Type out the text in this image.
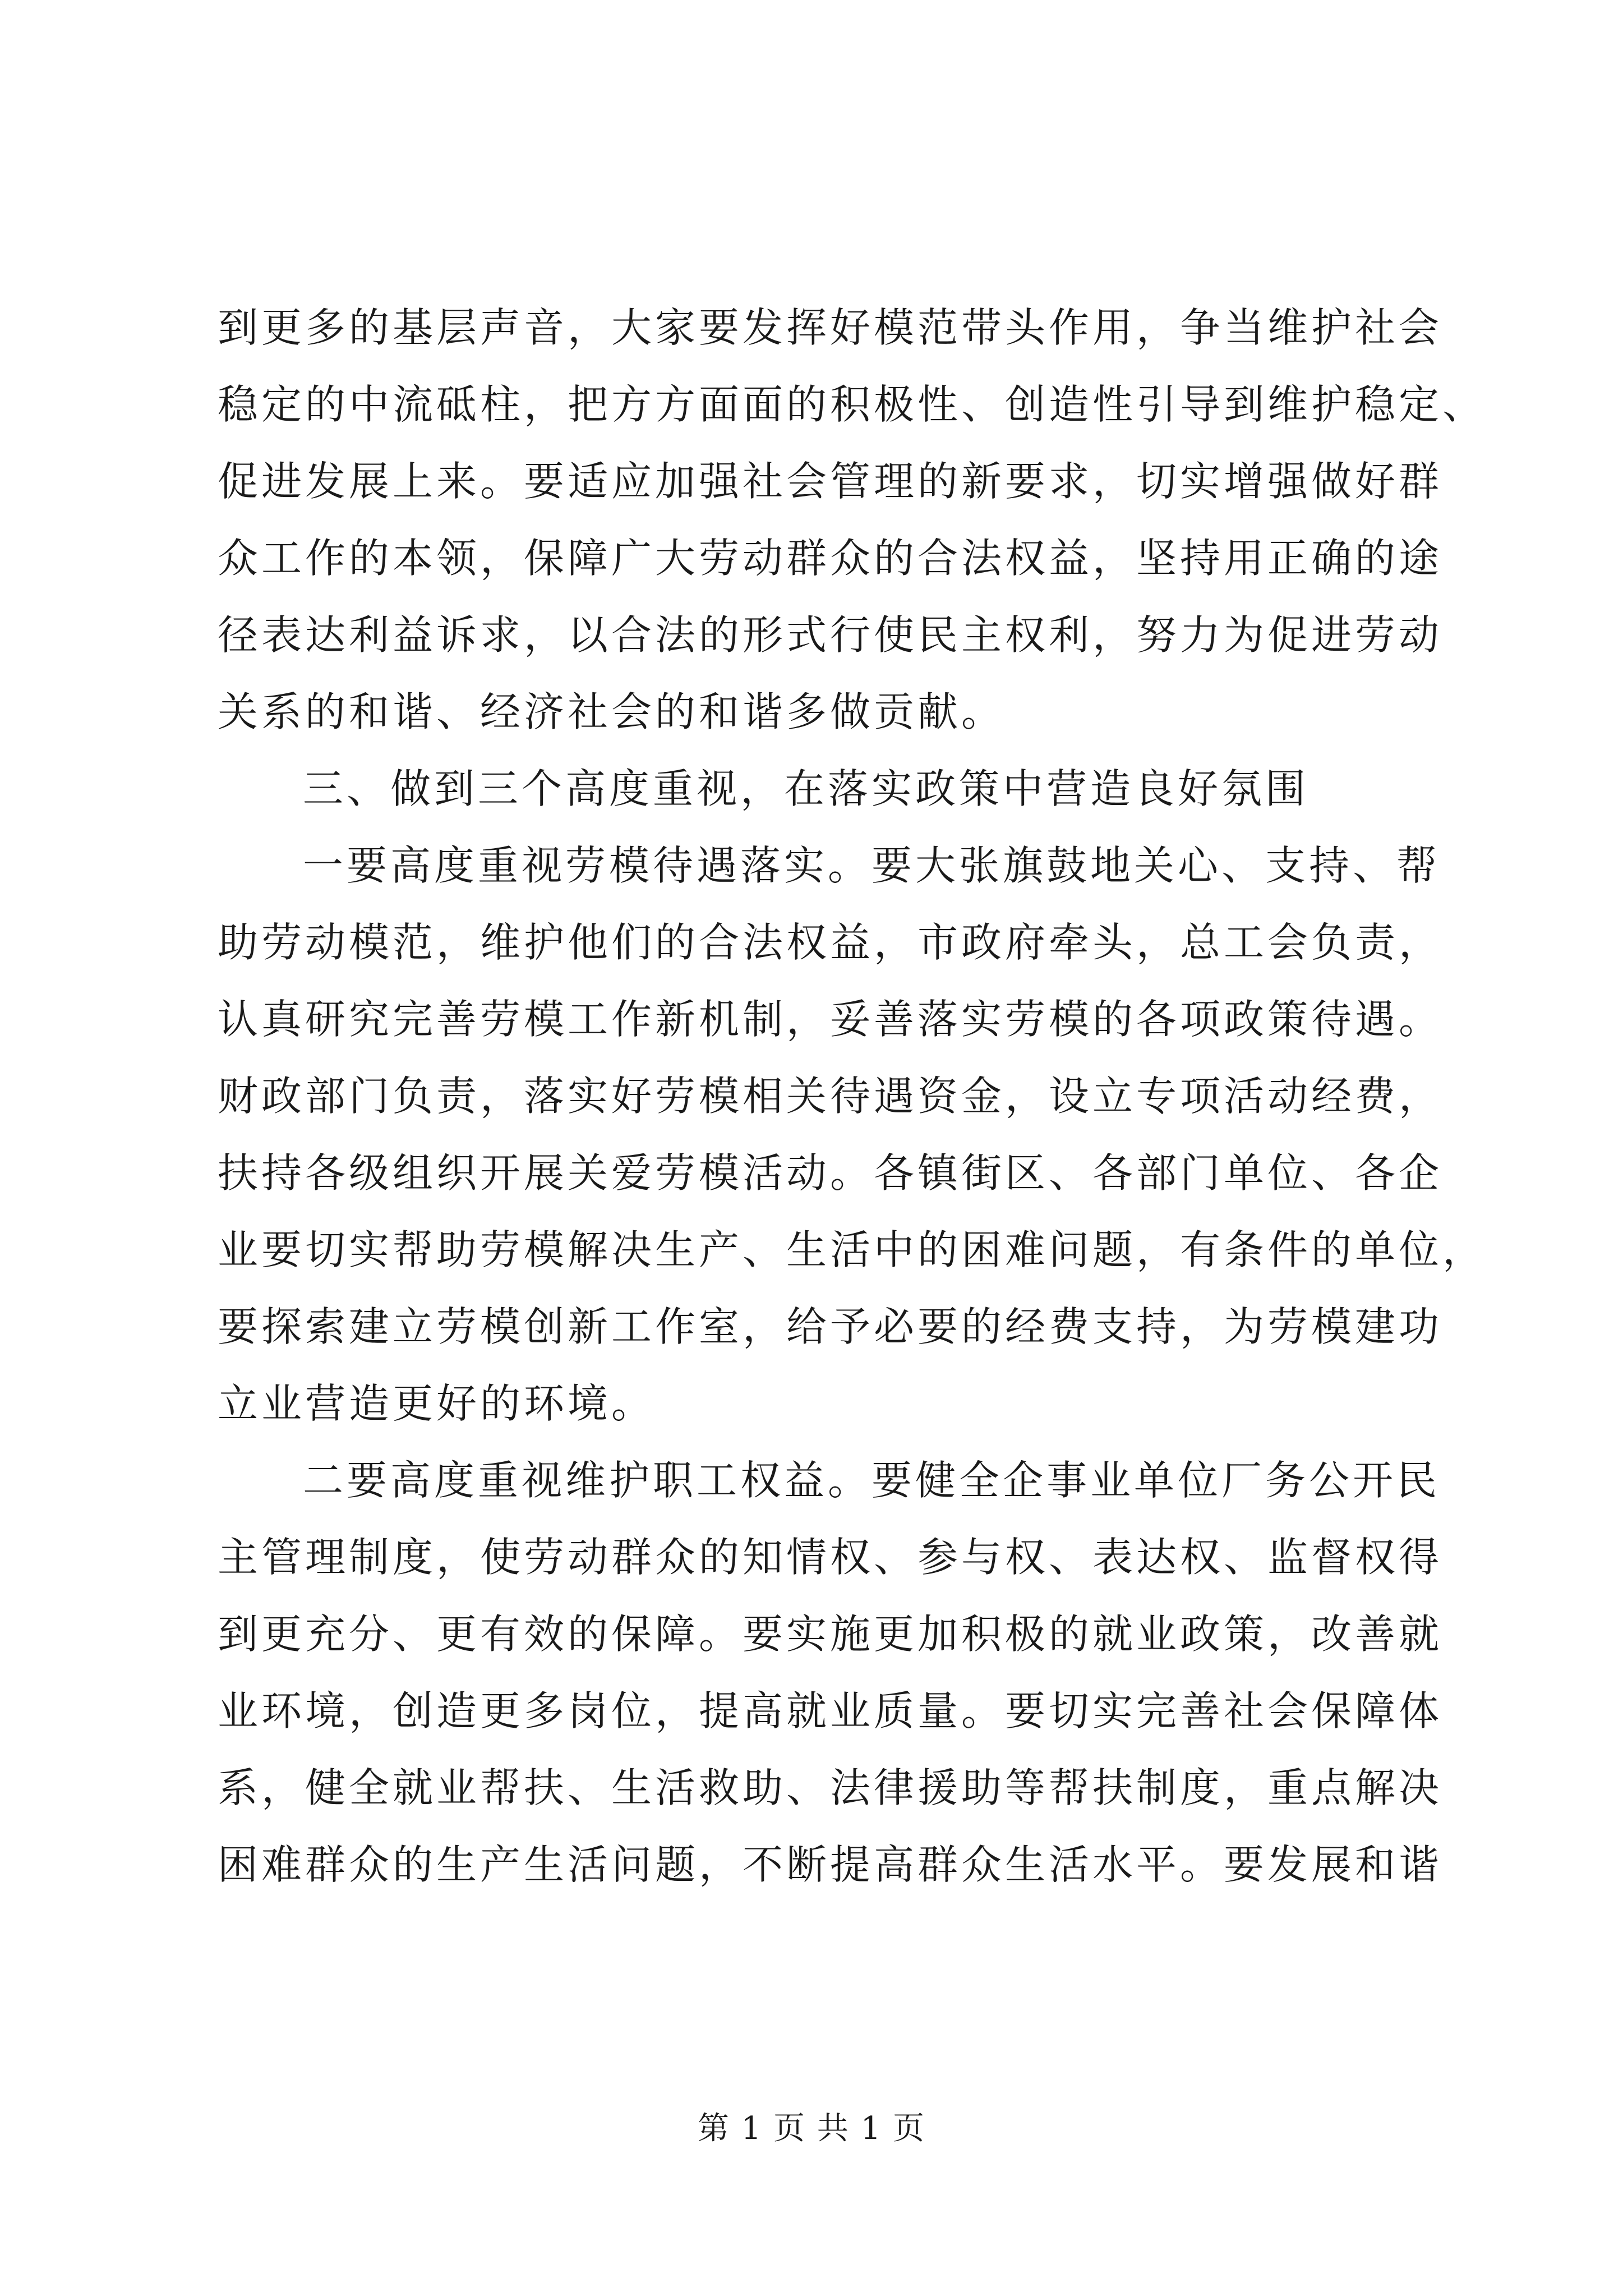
到更多的基层声音，大家要发挥好模范带头作用，争当维护社会
稳定的中流砥柱，把方方面面的积极性、创造性引导到维护稳定、
促进发展上来。要适应加强社会管理的新要求，切实增强做好群
众工作的本领，保障广大劳动群众的合法权益，坚持用正确的途
径表达利益诉求，以合法的形式行使民主权利，努力为促进劳动
关系的和谐、经济社会的和谐多做贡献。
三、做到三个高度重视，在落实政策中营造良好氛围
一要高度重视劳模待遇落实。要大张旗鼓地关心、支持、帮
助劳动模范，维护他们的合法权益，市政府牵头，总工会负责，
认真研究完善劳模工作新机制，妥善落实劳模的各项政策待遇。
财政部门负责，落实好劳模相关待遇资金，设立专项活动经费，
扶持各级组织开展关爱劳模活动。各镇街区、各部门单位、各企
业要切实帮助劳模解决生产、生活中的困难问题，有条件的单位，
要探索建立劳模创新工作室，给予必要的经费支持，为劳模建功
立业营造更好的环境。
二要高度重视维护职工权益。要健全企事业单位厂务公开民
主管理制度，使劳动群众的知情权、参与权、表达权、监督权得
到更充分、更有效的保障。要实施更加积极的就业政策，改善就
业环境，创造更多岗位，提高就业质量。要切实完善社会保障体
系，健全就业帮扶、生活救助、法律援助等帮扶制度，重点解决
困难群众的生产生活问题，不断提高群众生活水平。要发展和谐
第 1 页 共 1 页
